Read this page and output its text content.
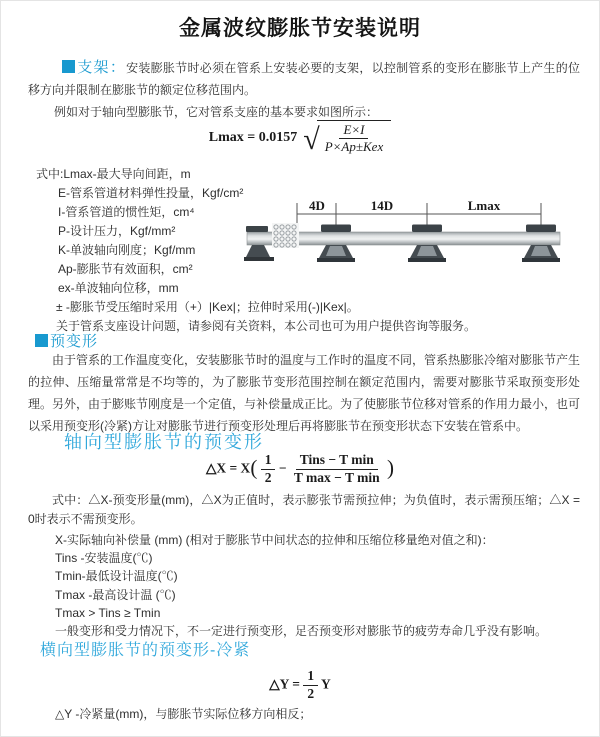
金属波纹膨胀节安装说明
支架：安装膨胀节时必须在管系上安装必要的支架，以控制管系的变形在膨胀节上产生的位移方向并限制在膨胀节的额定位移范围内。
例如对于轴向型膨胀节，它对管系支座的基本要求如图所示：
Lmax = 0.0157 √ $\frac{E\times I}{\text{P×Ap±Kex}}$
式中:Lmax-最大导向间距，m
E-管系管道材料弹性投量，Kgf/cm²
I-管系管道的惯性矩，cm⁴
P-设计压力，Kgf/mm²
K-单波轴向刚度；Kgf/mm
Ap-膨胀节有效面积，cm²
ex-单波轴向位移，mm
± -膨胀节受压缩时采用（+）|Kex|；拉伸时采用(-)|Kex|。
关于管系支座设计问题，请参阅有关资料，本公司也可为用户提供咨询等服务。
4D	14D	Lmax
预变形
由于管系的工作温度变化，安装膨胀节时的温度与工作时的温度不同，管系热膨胀冷缩对膨胀节产生的拉伸、压缩量常常是不均等的，为了膨胀节变形范围控制在额定范围内，需要对膨胀节采取预变形处理。另外，由于膨账节刚度是一个定值，与补偿量成正比。为了使膨胀节位移对管系的作用力最小，也可以采用预变形(冷紧)方让对膨胀节进行预变形处理后再将膨胀节在预变形状态下安装在管系中。
轴向型膨胀节的预变形
△X = $X( \frac{1}{2} - \frac{\text{Tins − T min}}{\text{T max − T min}}$ )
式中：△X-预变形量(mm)，△X为正值时，表示膨张节需预拉伸；为负值时，表示需预压缩；△X = 0时表示不需预变形。
X-实际轴向补偿量 (mm) (相对于膨胀节中间状态的拉伸和压缩位移量绝对值之和)：
Tins -安装温度(℃)
Tmin-最低设计温度(℃)
Tmax -最高设计温 (℃)
Tmax > Tins ≥ Tmin
一般变形和受力情况下，不一定进行预变形，足否预变形对膨胀节的疲劳寿命几乎没有影响。
横向型膨胀节的预变形-冷紧
△Y = $\frac{1}{2}$ Y
△Y -冷紧量(mm)，与膨胀节实际位移方向相反；
